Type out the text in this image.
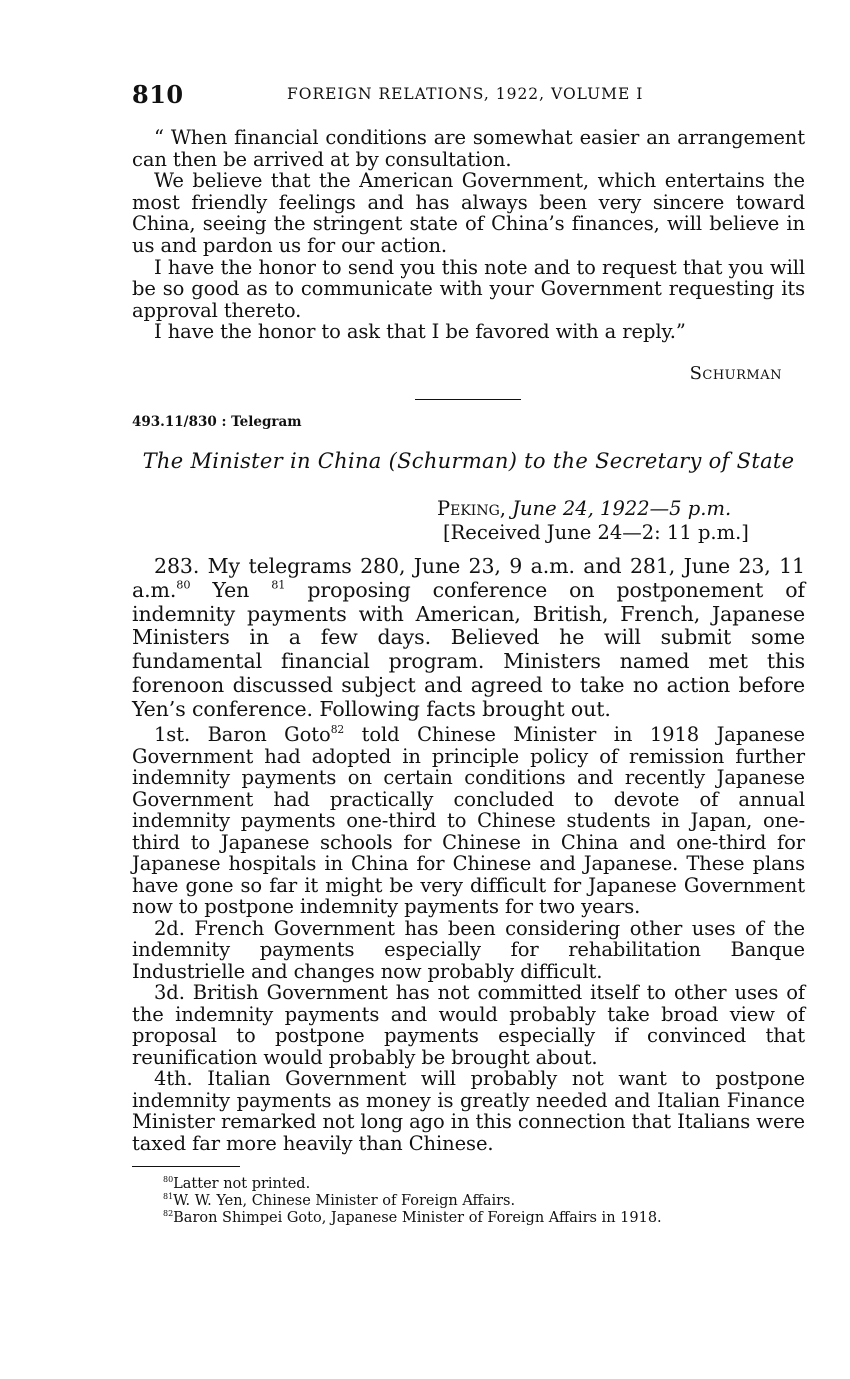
810	FOREIGN RELATIONS, 1922, VOLUME I

“ When financial conditions are somewhat easier an arrangement can then be arrived at by consultation.

We believe that the American Government, which entertains the most friendly feelings and has always been very sincere toward China, seeing the stringent state of China’s finances, will believe in us and pardon us for our action.

I have the honor to send you this note and to request that you will be so good as to communicate with your Government requesting its approval thereto.

I have the honor to ask that I be favored with a reply.”

Schurman
493.11/830 : Telegram
The Minister in China (Schurman) to the Secretary of State
Peking, June 24, 1922—5 p.m.
[Received June 24—2: 11 p.m.]

283. My telegrams 280, June 23, 9 a.m. and 281, June 23, 11 a.m.$^{80}$ Yen $^{81}$ proposing conference on postponement of indemnity payments with American, British, French, Japanese Ministers in a few days. Believed he will submit some fundamental financial program. Ministers named met this forenoon discussed subject and agreed to take no action before Yen’s conference. Following facts brought out.

1st. Baron Goto$^{82}$ told Chinese Minister in 1918 Japanese Government had adopted in principle policy of remission further indemnity payments on certain conditions and recently Japanese Government had practically concluded to devote of annual indemnity payments one-third to Chinese students in Japan, one-third to Japanese schools for Chinese in China and one-third for Japanese hospitals in China for Chinese and Japanese. These plans have gone so far it might be very difficult for Japanese Government now to postpone indemnity payments for two years.

2d. French Government has been considering other uses of the indemnity payments especially for rehabilitation Banque Industrielle and changes now probably difficult.

3d. British Government has not committed itself to other uses of the indemnity payments and would probably take broad view of proposal to postpone payments especially if convinced that reunification would probably be brought about.

4th. Italian Government will probably not want to postpone indemnity payments as money is greatly needed and Italian Finance Minister remarked not long ago in this connection that Italians were taxed far more heavily than Chinese.

$^{80}$Latter not printed.

$^{81}$W. W. Yen, Chinese Minister of Foreign Affairs.

$^{82}$Baron Shimpei Goto, Japanese Minister of Foreign Affairs in 1918.
